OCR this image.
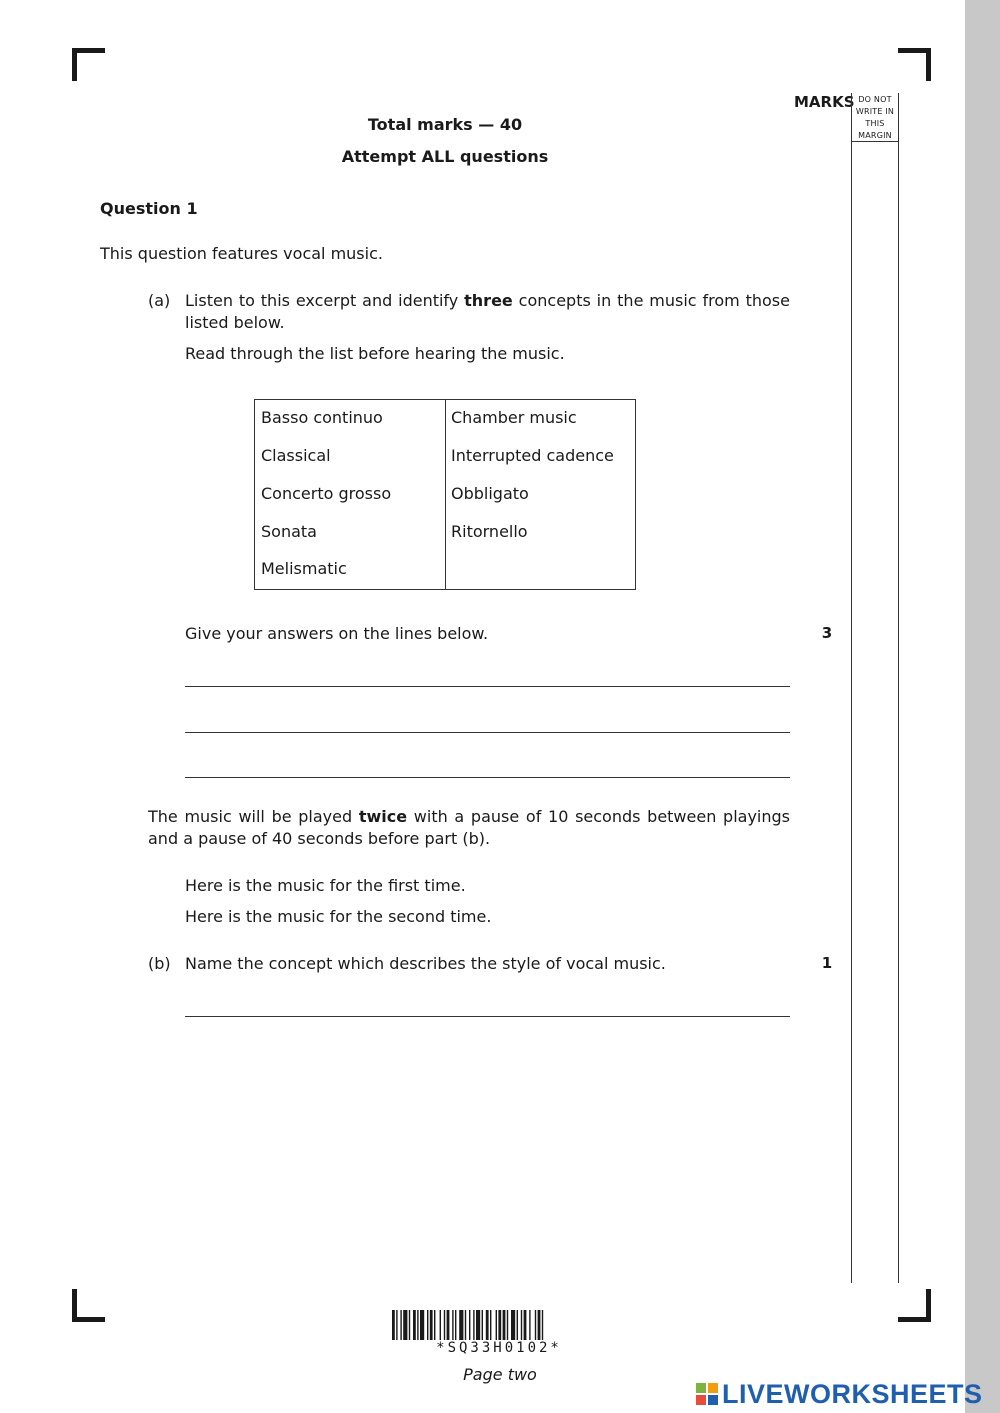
MARKS DO NOT
WRITE IN
THIS
MARGIN
Total marks — 40
Attempt ALL questions
Question 1
This question features vocal music.
(a) Listen to this excerpt and identify three concepts in the music from those listed below.
Read through the list before hearing the music.
Basso continuo
Classical
Concerto grosso
Sonata
Melismatic
Chamber music
Interrupted cadence
Obbligato
Ritornello
Give your answers on the lines below.	3
The music will be played twice with a pause of 10 seconds between playings and a pause of 40 seconds before part (b).
Here is the music for the first time.
Here is the music for the second time.
(b) Name the concept which describes the style of vocal music.	1
*SQ33H0102*
Page two
LIVEWORKSHEETS
